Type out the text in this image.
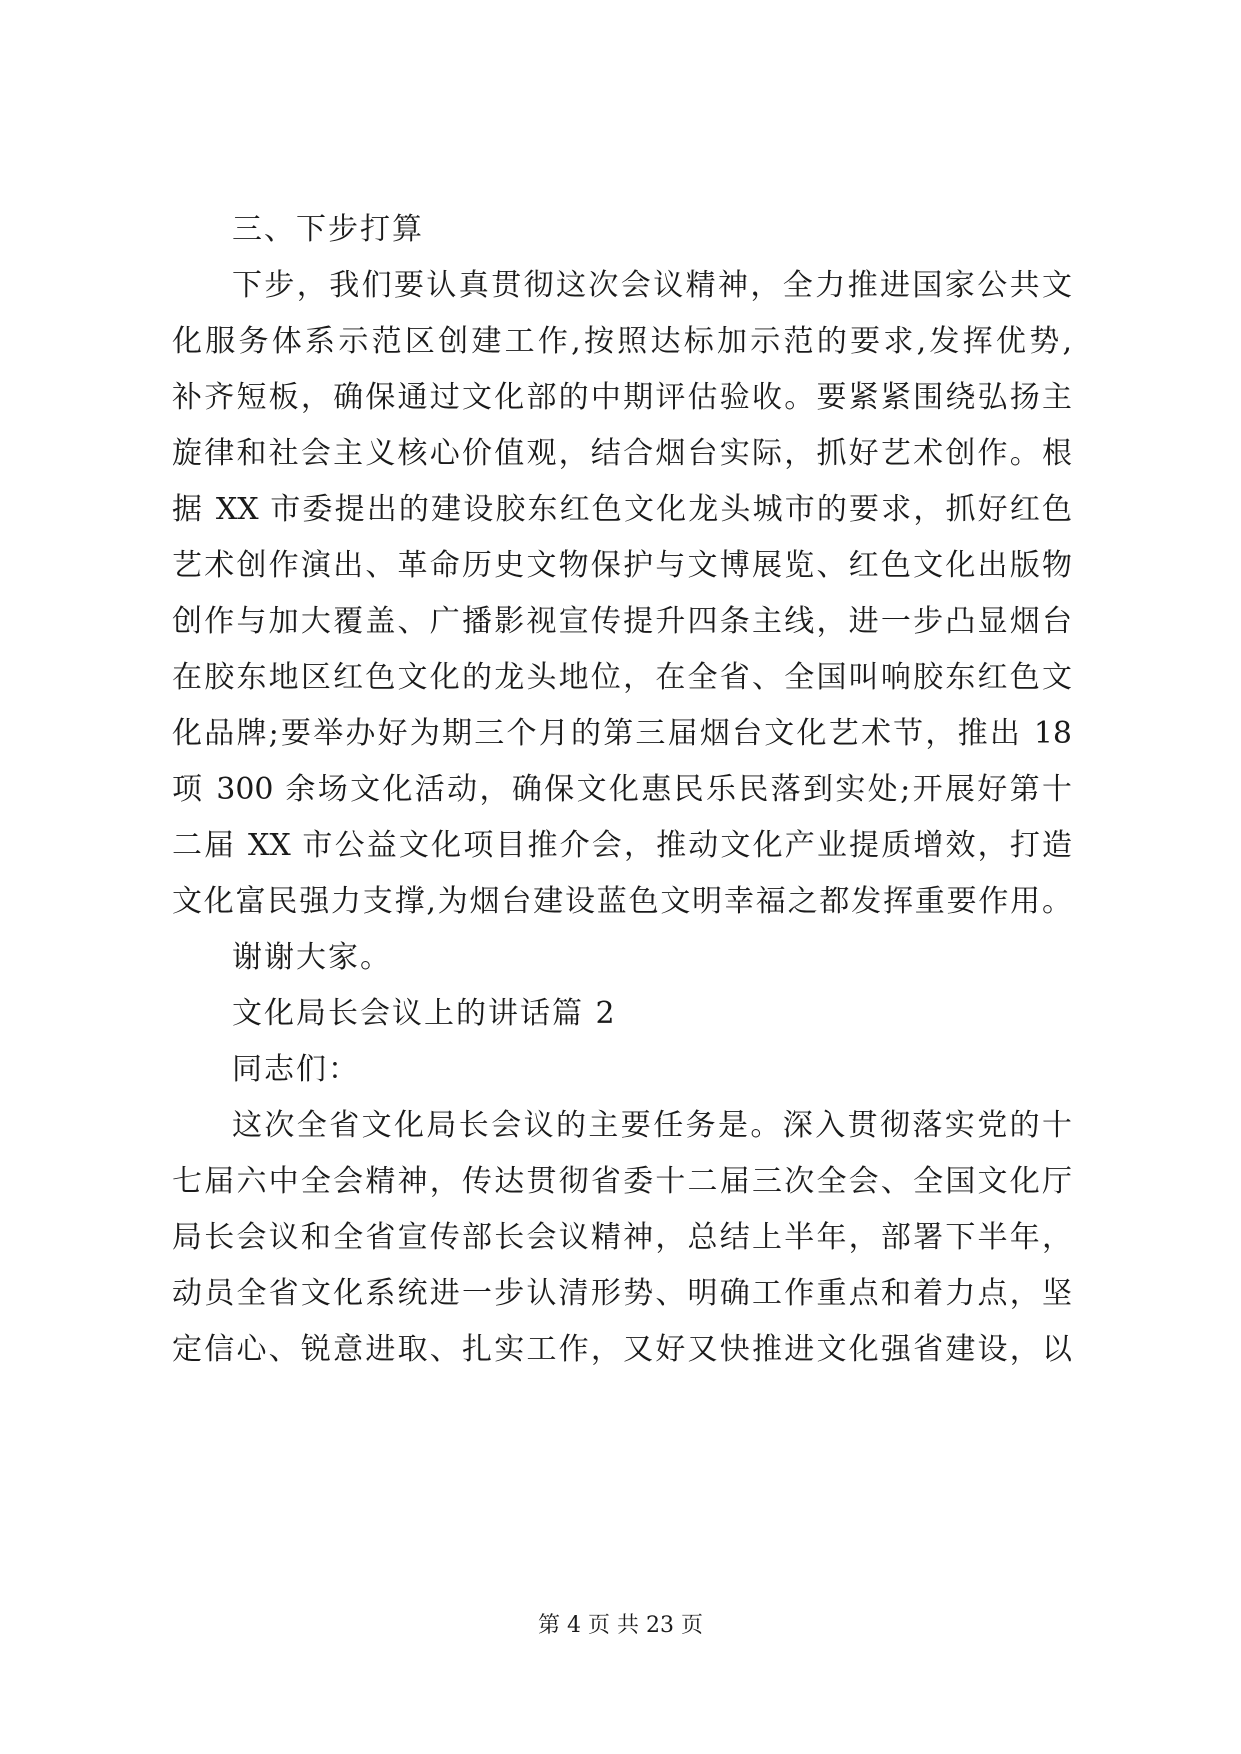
三、下步打算
下步，我们要认真贯彻这次会议精神，全力推进国家公共文
化服务体系示范区创建工作,按照达标加示范的要求,发挥优势,
补齐短板，确保通过文化部的中期评估验收。要紧紧围绕弘扬主
旋律和社会主义核心价值观，结合烟台实际，抓好艺术创作。根
据 XX 市委提出的建设胶东红色文化龙头城市的要求，抓好红色
艺术创作演出、革命历史文物保护与文博展览、红色文化出版物
创作与加大覆盖、广播影视宣传提升四条主线，进一步凸显烟台
在胶东地区红色文化的龙头地位，在全省、全国叫响胶东红色文
化品牌;要举办好为期三个月的第三届烟台文化艺术节，推出 18
项 300 余场文化活动，确保文化惠民乐民落到实处;开展好第十
二届 XX 市公益文化项目推介会，推动文化产业提质增效，打造
文化富民强力支撑,为烟台建设蓝色文明幸福之都发挥重要作用。
谢谢大家。
文化局长会议上的讲话篇 2
同志们：
这次全省文化局长会议的主要任务是。深入贯彻落实党的十
七届六中全会精神，传达贯彻省委十二届三次全会、全国文化厅
局长会议和全省宣传部长会议精神，总结上半年，部署下半年，
动员全省文化系统进一步认清形势、明确工作重点和着力点，坚
定信心、锐意进取、扎实工作，又好又快推进文化强省建设，以
第 4 页 共 23 页
